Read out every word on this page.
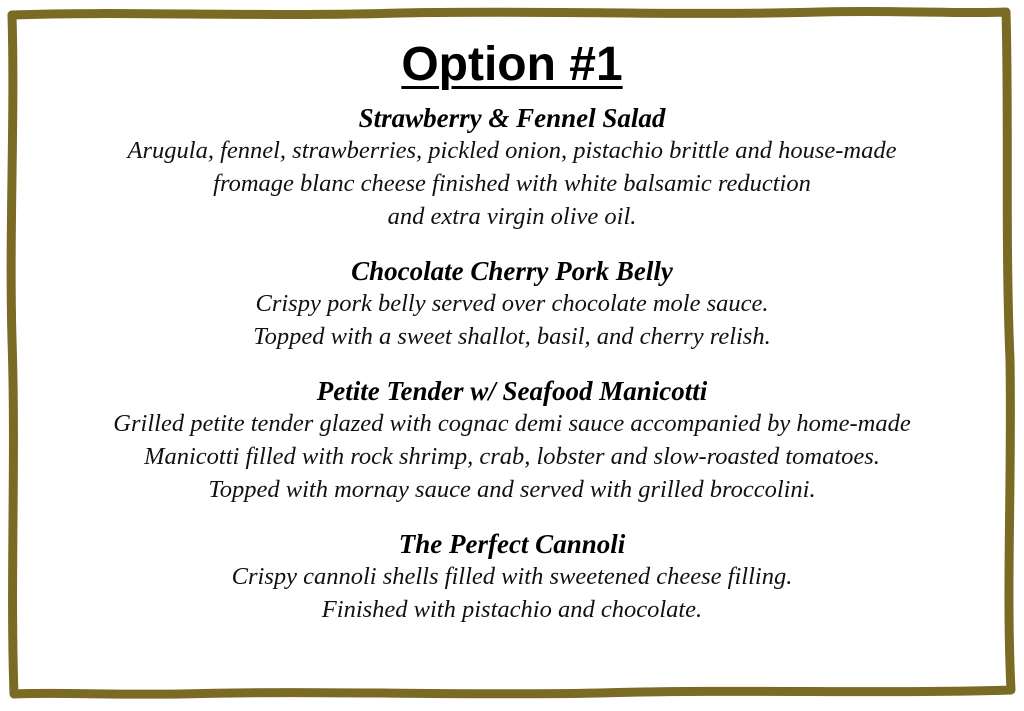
Option #1

Strawberry & Fennel Salad

Arugula, fennel, strawberries, pickled onion, pistachio brittle and house-made
fromage blanc cheese finished with white balsamic reduction
and extra virgin olive oil.

Chocolate Cherry Pork Belly

Crispy pork belly served over chocolate mole sauce.
Topped with a sweet shallot, basil, and cherry relish.

Petite Tender w/ Seafood Manicotti

Grilled petite tender glazed with cognac demi sauce accompanied by home-made
Manicotti filled with rock shrimp, crab, lobster and slow-roasted tomatoes.
Topped with mornay sauce and served with grilled broccolini.

The Perfect Cannoli

Crispy cannoli shells filled with sweetened cheese filling.
Finished with pistachio and chocolate.
